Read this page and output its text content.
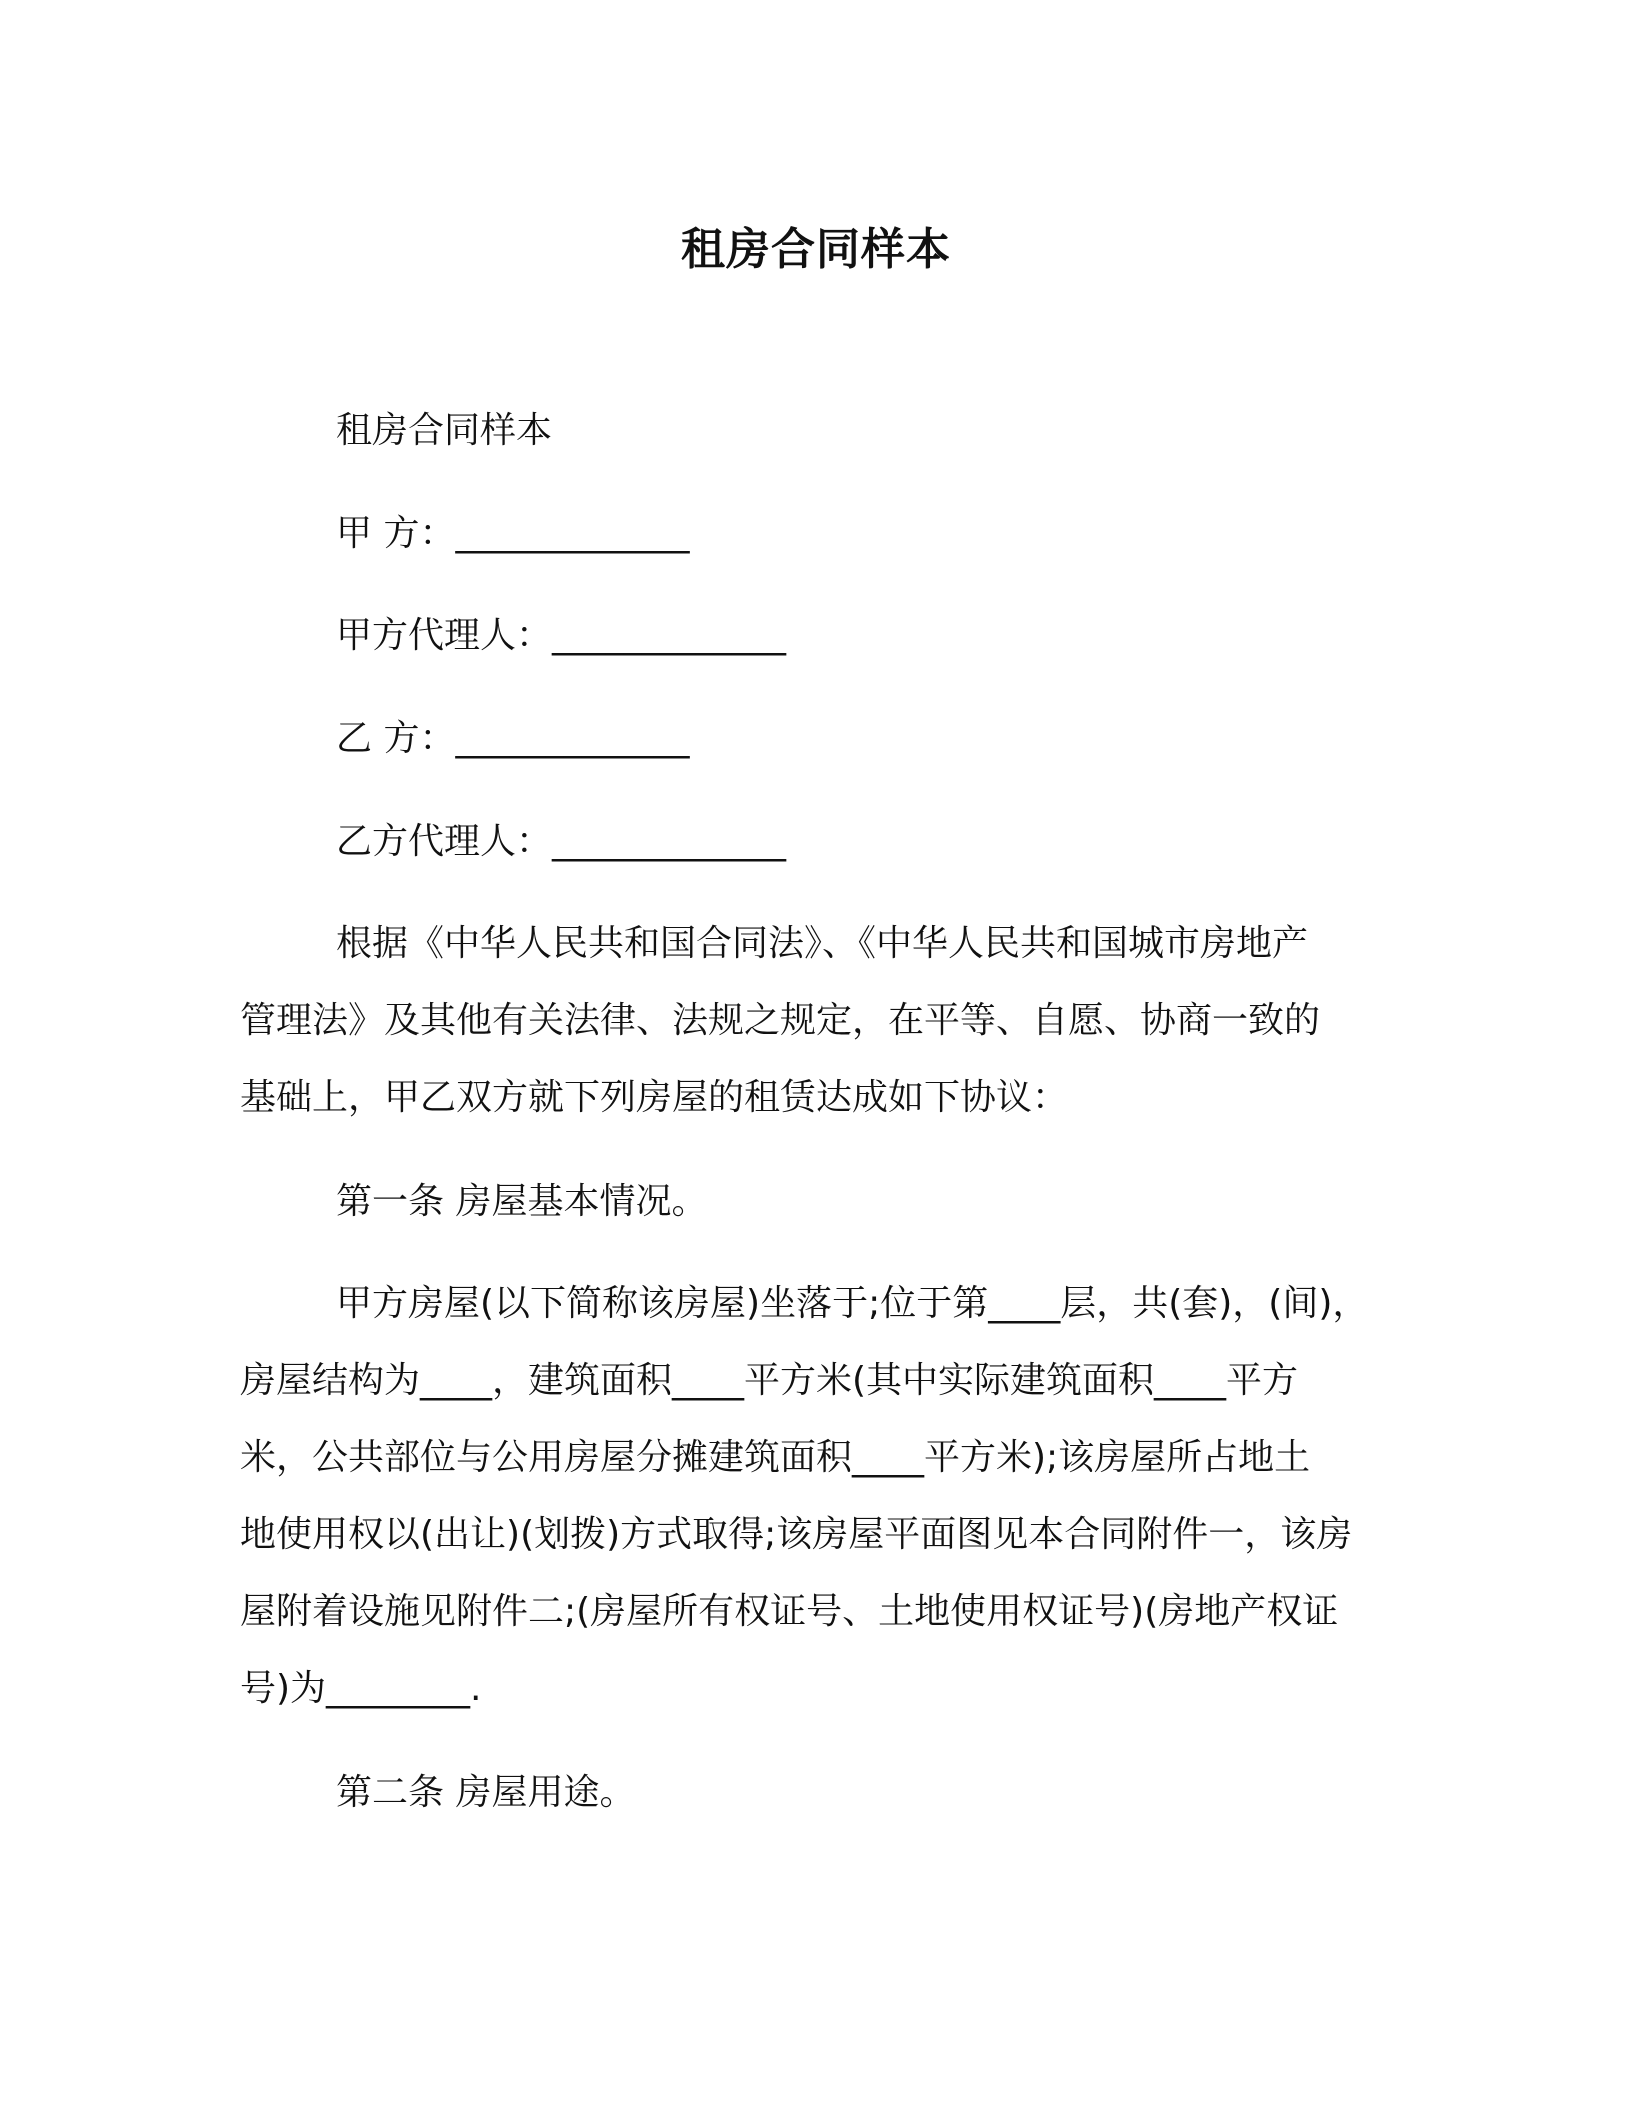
租房合同样本

租房合同样本

甲 方：_____________

甲方代理人：_____________

乙 方：_____________

乙方代理人：_____________

根据《中华人民共和国合同法》、《中华人民共和国城市房地产

管理法》及其他有关法律、法规之规定，在平等、自愿、协商一致的

基础上，甲乙双方就下列房屋的租赁达成如下协议：

第一条 房屋基本情况。

甲方房屋(以下简称该房屋)坐落于;位于第____层，共(套)，(间)，

房屋结构为____，建筑面积____平方米(其中实际建筑面积____平方

米，公共部位与公用房屋分摊建筑面积____平方米);该房屋所占地土

地使用权以(出让)(划拨)方式取得;该房屋平面图见本合同附件一，该房

屋附着设施见附件二;(房屋所有权证号、土地使用权证号)(房地产权证

号)为________.

第二条 房屋用途。
